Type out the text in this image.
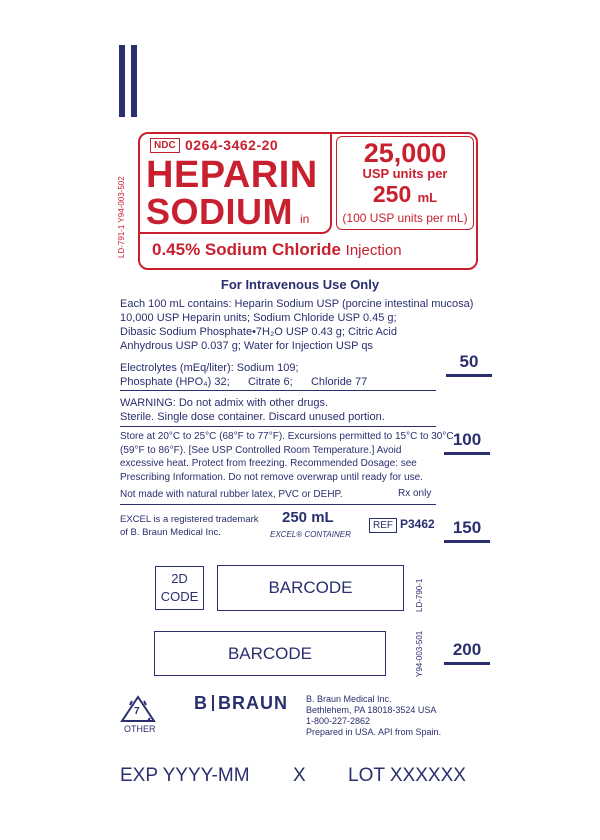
NDC 0264-3462-20
HEPARIN
SODIUM in
25,000
USP units per
250 mL
(100 USP units per mL)
0.45% Sodium Chloride Injection
LD-791-1 Y94-003-502
For Intravenous Use Only
Each 100 mL contains: Heparin Sodium USP (porcine intestinal mucosa)
10,000 USP Heparin units; Sodium Chloride USP 0.45 g;
Dibasic Sodium Phosphate•7H₂O USP 0.43 g; Citric Acid
Anhydrous USP 0.037 g; Water for Injection USP qs
Electrolytes (mEq/liter): Sodium 109;
Phosphate (HPO₄) 32;      Citrate 6;      Chloride 77
WARNING: Do not admix with other drugs.
Sterile. Single dose container. Discard unused portion.
Store at 20°C to 25°C (68°F to 77°F). Excursions permitted to 15°C to 30°C
(59°F to 86°F). [See USP Controlled Room Temperature.] Avoid
excessive heat. Protect from freezing. Recommended Dosage: see
Prescribing Information. Do not remove overwrap until ready for use.
Not made with natural rubber latex, PVC or DEHP.	Rx only
EXCEL is a registered trademark
of B. Braun Medical Inc.
250 mL
EXCEL® CONTAINER
REF P3462
50
100
150
200
2D
CODE	BARCODE
BARCODE
LD-790-1
Y94-003-501
7
OTHER
B BRAUN B. Braun Medical Inc.
Bethlehem, PA 18018-3524 USA
1-800-227-2862
Prepared in USA. API from Spain.
EXP YYYY-MM X LOT XXXXXX
